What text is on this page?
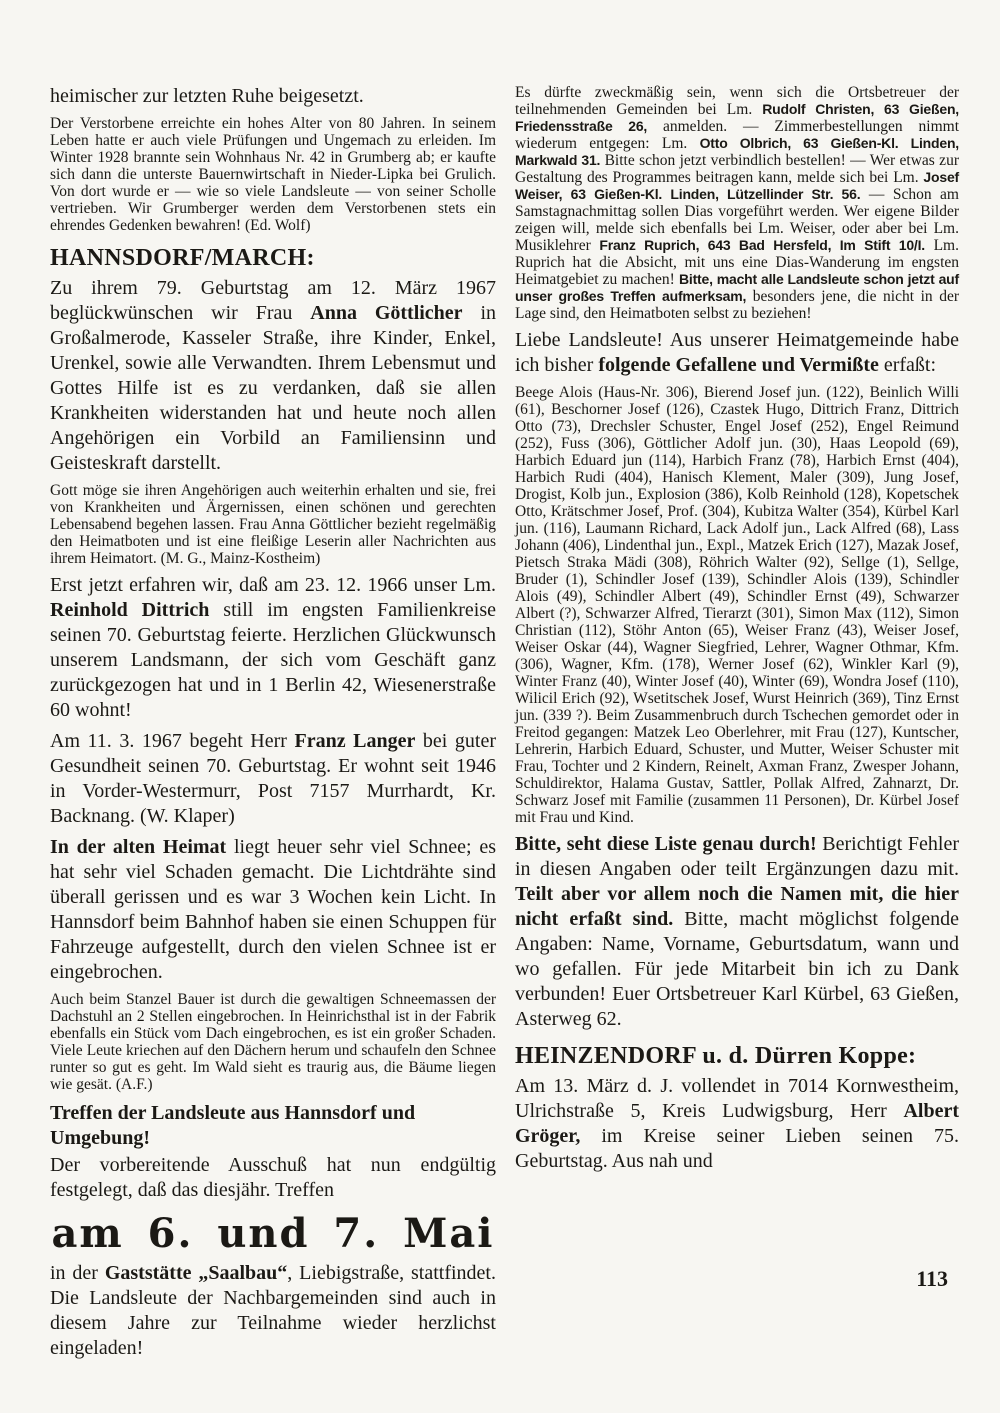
heimischer zur letzten Ruhe beigesetzt.
Der Verstorbene erreichte ein hohes Alter von 80 Jahren. In seinem Leben hatte er auch viele Prüfungen und Ungemach zu erleiden. Im Winter 1928 brannte sein Wohnhaus Nr. 42 in Grumberg ab; er kaufte sich dann die unterste Bauernwirtschaft in Nieder-Lipka bei Grulich. Von dort wurde er — wie so viele Landsleute — von seiner Scholle vertrieben. Wir Grumberger werden dem Verstorbenen stets ein ehrendes Gedenken bewahren! (Ed. Wolf)
HANNSDORF/MARCH:
Zu ihrem 79. Geburtstag am 12. März 1967 beglückwünschen wir Frau Anna Göttlicher in Großalmerode, Kasseler Straße, ihre Kinder, Enkel, Urenkel, sowie alle Verwandten. Ihrem Lebensmut und Gottes Hilfe ist es zu verdanken, daß sie allen Krankheiten widerstanden hat und heute noch allen Angehörigen ein Vorbild an Familiensinn und Geisteskraft darstellt.
Gott möge sie ihren Angehörigen auch weiterhin erhalten und sie, frei von Krankheiten und Ärgernissen, einen schönen und gerechten Lebensabend begehen lassen. Frau Anna Göttlicher bezieht regelmäßig den Heimatboten und ist eine fleißige Leserin aller Nachrichten aus ihrem Heimatort. (M. G., Mainz-Kostheim)
Erst jetzt erfahren wir, daß am 23. 12. 1966 unser Lm. Reinhold Dittrich still im engsten Familienkreise seinen 70. Geburtstag feierte. Herzlichen Glückwunsch unserem Landsmann, der sich vom Geschäft ganz zurückgezogen hat und in 1 Berlin 42, Wiesenerstraße 60 wohnt!
Am 11. 3. 1967 begeht Herr Franz Langer bei guter Gesundheit seinen 70. Geburtstag. Er wohnt seit 1946 in Vorder-Westermurr, Post 7157 Murrhardt, Kr. Backnang. (W. Klaper)
In der alten Heimat liegt heuer sehr viel Schnee; es hat sehr viel Schaden gemacht. Die Lichtdrähte sind überall gerissen und es war 3 Wochen kein Licht. In Hannsdorf beim Bahnhof haben sie einen Schuppen für Fahrzeuge aufgestellt, durch den vielen Schnee ist er eingebrochen.
Auch beim Stanzel Bauer ist durch die gewaltigen Schneemassen der Dachstuhl an 2 Stellen eingebrochen. In Heinrichsthal ist in der Fabrik ebenfalls ein Stück vom Dach eingebrochen, es ist ein großer Schaden. Viele Leute kriechen auf den Dächern herum und schaufeln den Schnee runter so gut es geht. Im Wald sieht es traurig aus, die Bäume liegen wie gesät. (A.F.)
Treffen der Landsleute aus Hannsdorf und Umgebung!
Der vorbereitende Ausschuß hat nun endgültig festgelegt, daß das diesjähr. Treffen
am 6. und 7. Mai
in der Gaststätte „Saalbau“, Liebigstraße, stattfindet. Die Landsleute der Nachbargemeinden sind auch in diesem Jahre zur Teilnahme wieder herzlichst eingeladen!
Es dürfte zweckmäßig sein, wenn sich die Ortsbetreuer der teilnehmenden Gemeinden bei Lm. Rudolf Christen, 63 Gießen, Friedensstraße 26, anmelden. — Zimmerbestellungen nimmt wiederum entgegen: Lm. Otto Olbrich, 63 Gießen-Kl. Linden, Markwald 31. Bitte schon jetzt verbindlich bestellen! — Wer etwas zur Gestaltung des Programmes beitragen kann, melde sich bei Lm. Josef Weiser, 63 Gießen-Kl. Linden, Lützellinder Str. 56. — Schon am Samstagnachmittag sollen Dias vorgeführt werden. Wer eigene Bilder zeigen will, melde sich ebenfalls bei Lm. Weiser, oder aber bei Lm. Musiklehrer Franz Ruprich, 643 Bad Hersfeld, Im Stift 10/I. Lm. Ruprich hat die Absicht, mit uns eine Dias-Wanderung im engsten Heimatgebiet zu machen! Bitte, macht alle Landsleute schon jetzt auf unser großes Treffen aufmerksam, besonders jene, die nicht in der Lage sind, den Heimatboten selbst zu beziehen!
Liebe Landsleute! Aus unserer Heimatgemeinde habe ich bisher folgende Gefallene und Vermißte erfaßt:
Beege Alois (Haus-Nr. 306), Bierend Josef jun. (122), Beinlich Willi (61), Beschorner Josef (126), Czastek Hugo, Dittrich Franz, Dittrich Otto (73), Drechsler Schuster, Engel Josef (252), Engel Reimund (252), Fuss (306), Göttlicher Adolf jun. (30), Haas Leopold (69), Harbich Eduard jun (114), Harbich Franz (78), Harbich Ernst (404), Harbich Rudi (404), Hanisch Klement, Maler (309), Jung Josef, Drogist, Kolb jun., Explosion (386), Kolb Reinhold (128), Kopetschek Otto, Krätschmer Josef, Prof. (304), Kubitza Walter (354), Kürbel Karl jun. (116), Laumann Richard, Lack Adolf jun., Lack Alfred (68), Lass Johann (406), Lindenthal jun., Expl., Matzek Erich (127), Mazak Josef, Pietsch Straka Mädi (308), Röhrich Walter (92), Sellge (1), Sellge, Bruder (1), Schindler Josef (139), Schindler Alois (139), Schindler Alois (49), Schindler Albert (49), Schindler Ernst (49), Schwarzer Albert (?), Schwarzer Alfred, Tierarzt (301), Simon Max (112), Simon Christian (112), Stöhr Anton (65), Weiser Franz (43), Weiser Josef, Weiser Oskar (44), Wagner Siegfried, Lehrer, Wagner Othmar, Kfm. (306), Wagner, Kfm. (178), Werner Josef (62), Winkler Karl (9), Winter Franz (40), Winter Josef (40), Winter (69), Wondra Josef (110), Wilicil Erich (92), Wsetitschek Josef, Wurst Heinrich (369), Tinz Ernst jun. (339 ?). Beim Zusammenbruch durch Tschechen gemordet oder in Freitod gegangen: Matzek Leo Oberlehrer, mit Frau (127), Kuntscher, Lehrerin, Harbich Eduard, Schuster, und Mutter, Weiser Schuster mit Frau, Tochter und 2 Kindern, Reinelt, Axman Franz, Zwesper Johann, Schuldirektor, Halama Gustav, Sattler, Pollak Alfred, Zahnarzt, Dr. Schwarz Josef mit Familie (zusammen 11 Personen), Dr. Kürbel Josef mit Frau und Kind.
Bitte, seht diese Liste genau durch! Berichtigt Fehler in diesen Angaben oder teilt Ergänzungen dazu mit. Teilt aber vor allem noch die Namen mit, die hier nicht erfaßt sind. Bitte, macht möglichst folgende Angaben: Name, Vorname, Geburtsdatum, wann und wo gefallen. Für jede Mitarbeit bin ich zu Dank verbunden! Euer Ortsbetreuer Karl Kürbel, 63 Gießen, Asterweg 62.
HEINZENDORF u. d. Dürren Koppe:
Am 13. März d. J. vollendet in 7014 Kornwestheim, Ulrichstraße 5, Kreis Ludwigsburg, Herr Albert Gröger, im Kreise seiner Lieben seinen 75. Geburtstag. Aus nah und
113
